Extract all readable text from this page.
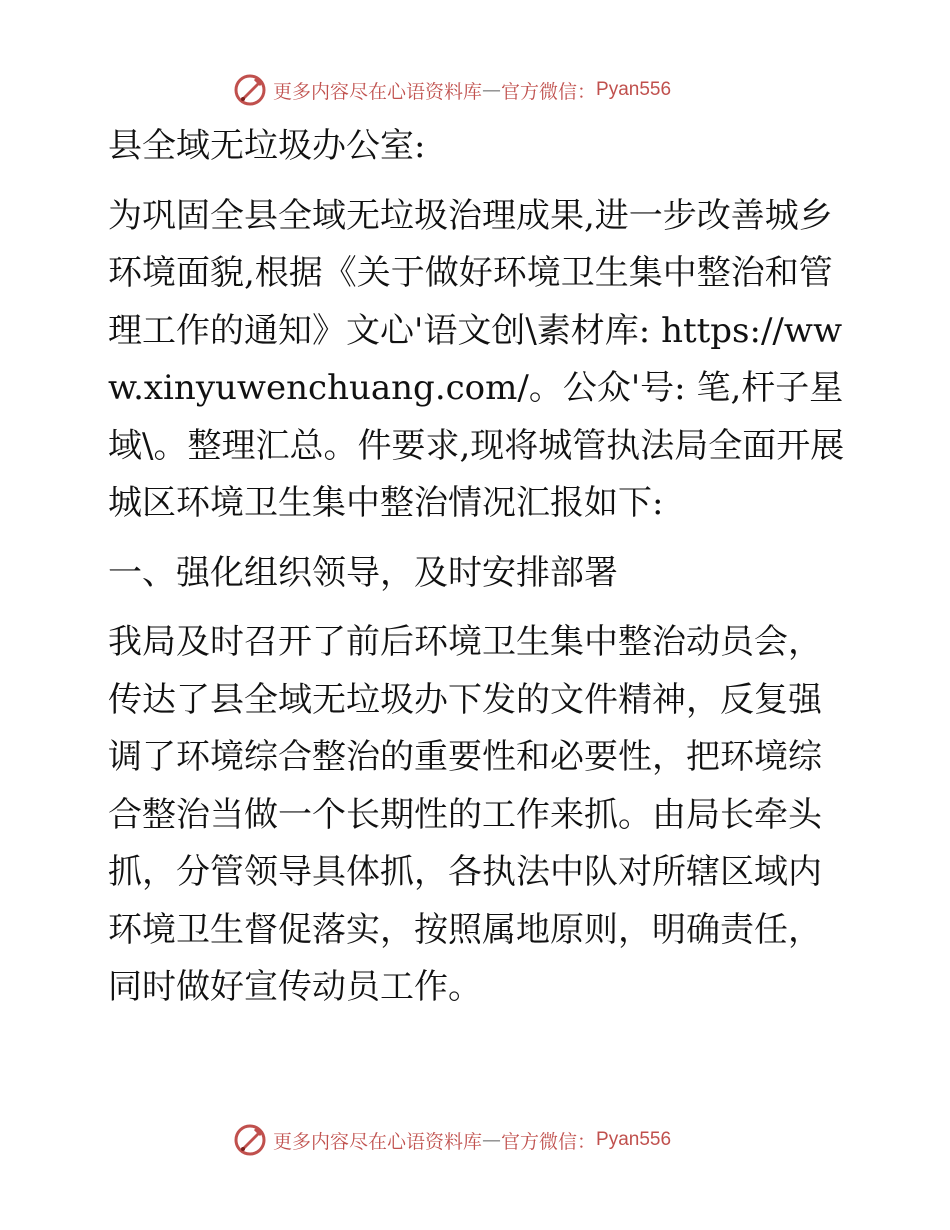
更多内容尽在心语资料库 — 官方微信： Pyan556

县全域无垃圾办公室:

为巩固全县全域无垃圾治理成果,进一步改善城乡环境面貌,根据《关于做好环境卫生集中整治和管理工作的通知》文心'语文创\素材库: https://www.xinyuwenchuang.com/。公众'号: 笔,杆子星域\。整理汇总。件要求,现将城管执法局全面开展城区环境卫生集中整治情况汇报如下:

一、强化组织领导，及时安排部署

我局及时召开了前后环境卫生集中整治动员会，传达了县全域无垃圾办下发的文件精神，反复强调了环境综合整治的重要性和必要性，把环境综合整治当做一个长期性的工作来抓。由局长牵头抓，分管领导具体抓，各执法中队对所辖区域内环境卫生督促落实，按照属地原则，明确责任，同时做好宣传动员工作。

更多内容尽在心语资料库 — 官方微信： Pyan556
